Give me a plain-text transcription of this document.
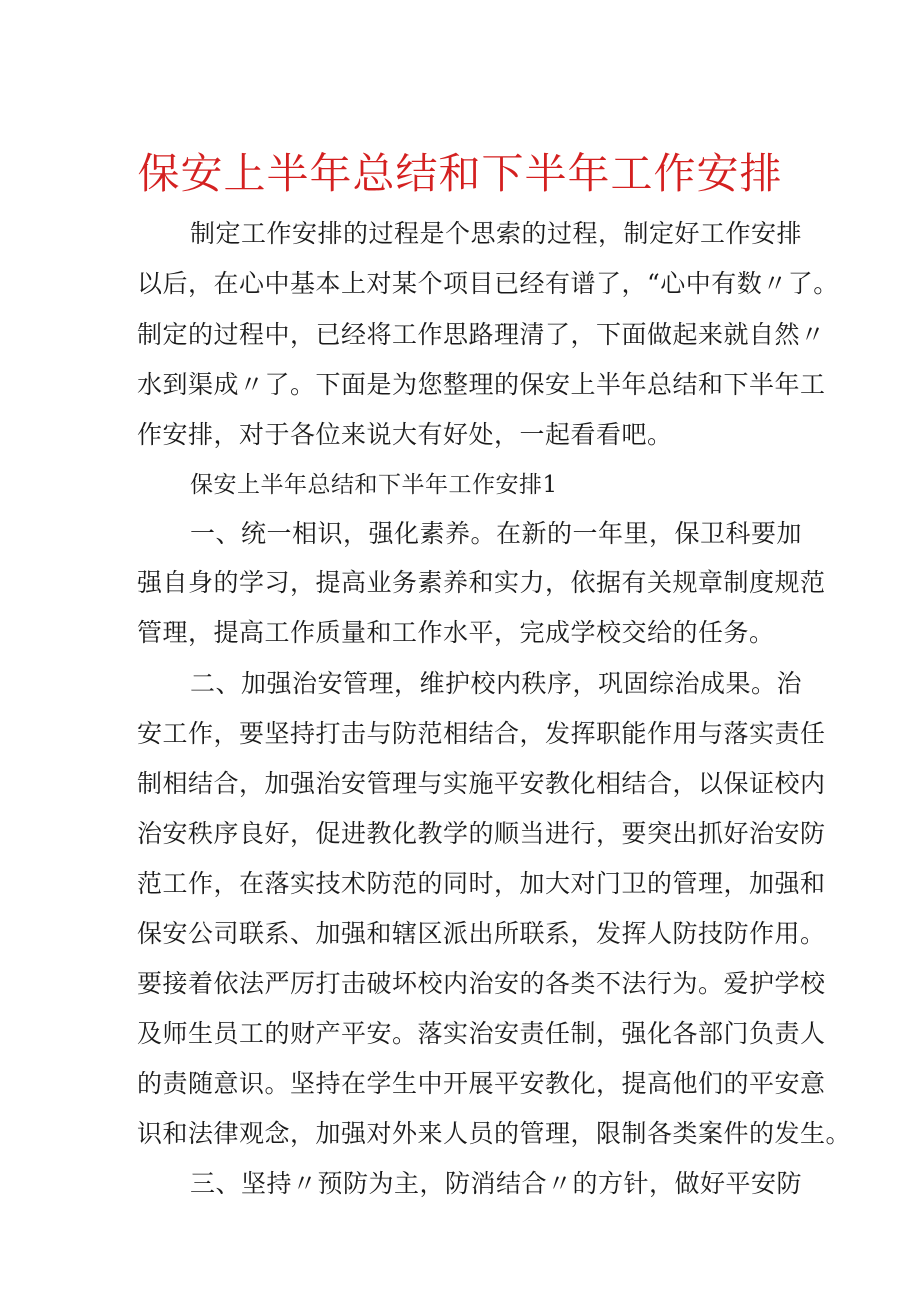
保安上半年总结和下半年工作安排
制定工作安排的过程是个思索的过程，制定好工作安排
以后，在心中基本上对某个项目已经有谱了，“心中有数〃了。
制定的过程中，已经将工作思路理清了，下面做起来就自然〃
水到渠成〃了。下面是为您整理的保安上半年总结和下半年工
作安排，对于各位来说大有好处，一起看看吧。
保安上半年总结和下半年工作安排1
一、统一相识，强化素养。在新的一年里，保卫科要加
强自身的学习，提高业务素养和实力，依据有关规章制度规范
管理，提高工作质量和工作水平，完成学校交给的任务。
二、加强治安管理，维护校内秩序，巩固综治成果。治
安工作，要坚持打击与防范相结合，发挥职能作用与落实责任
制相结合，加强治安管理与实施平安教化相结合，以保证校内
治安秩序良好，促进教化教学的顺当进行，要突出抓好治安防
范工作，在落实技术防范的同时，加大对门卫的管理，加强和
保安公司联系、加强和辖区派出所联系，发挥人防技防作用。
要接着依法严厉打击破坏校内治安的各类不法行为。爱护学校
及师生员工的财产平安。落实治安责任制，强化各部门负责人
的责随意识。坚持在学生中开展平安教化，提高他们的平安意
识和法律观念，加强对外来人员的管理，限制各类案件的发生。
三、坚持〃预防为主，防消结合〃的方针，做好平安防
